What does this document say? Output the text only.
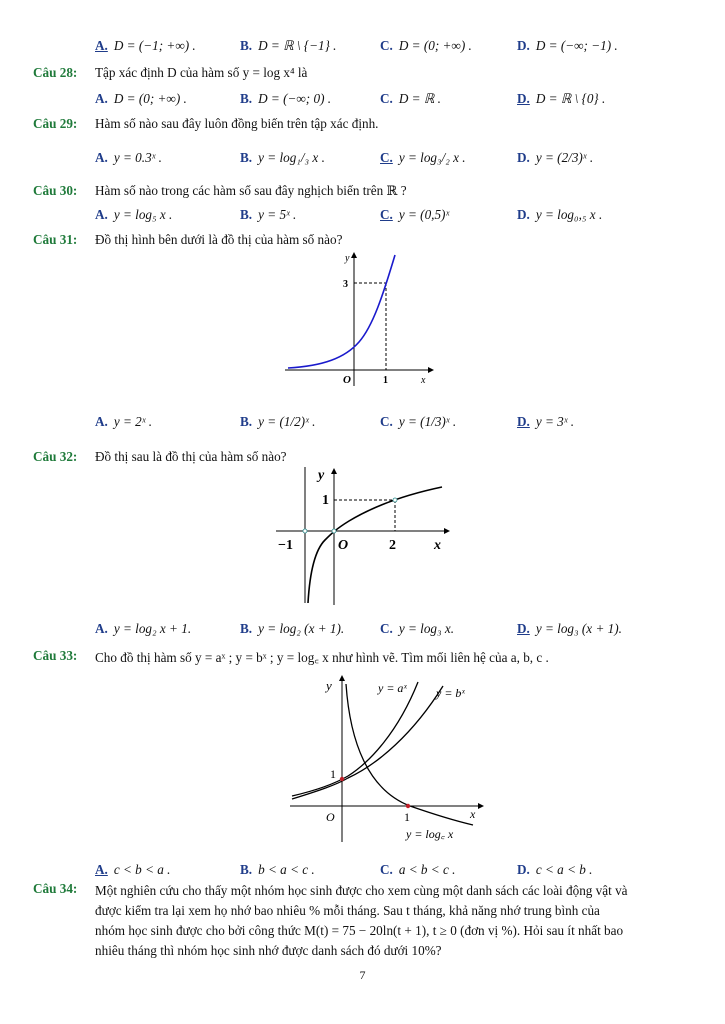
A. D = (−1; +∞) .	B. D = ℝ \ {−1} .	C. D = (0; +∞) .	D. D = (−∞; −1) .
Câu 28: Tập xác định D của hàm số y = log x⁴ là
A. D = (0; +∞) .	B. D = (−∞; 0) .	C. D = ℝ .	D. D = ℝ \ {0} .
Câu 29: Hàm số nào sau đây luôn đồng biến trên tập xác định.
A. y = 0.3ˣ .	B. y = log₁/₃ x .	C. y = log₃/₂ x .	D. y = (2/3)ˣ .
Câu 30: Hàm số nào trong các hàm số sau đây nghịch biến trên ℝ ?
A. y = log₅ x .	B. y = 5ˣ .	C. y = (0,5)ˣ	D. y = log₀,₅ x .
Câu 31: Đồ thị hình bên dưới là đồ thị của hàm số nào?
y
3
O	1	x
A. y = 2ˣ .	B. y = (1/2)ˣ .	C. y = (1/3)ˣ .	D. y = 3ˣ .
Câu 32: Đồ thị sau là đồ thị của hàm số nào?
y
1
−1	O	2	x
A. y = log₂ x + 1.	B. y = log₂ (x + 1).	C. y = log₃ x.	D. y = log₃ (x + 1).
Câu 33: Cho đồ thị hàm số y = aˣ ; y = bˣ ; y = log꜀ x như hình vẽ. Tìm mối liên hệ của a, b, c .
y	y = aˣ y = bˣ
1
O	1	x
y = log꜀ x
A. c < b < a .	B. b < a < c .	C. a < b < c .	D. c < a < b .
Câu 34: Một nghiên cứu cho thấy một nhóm học sinh được cho xem cùng một danh sách các loài động vật và
được kiểm tra lại xem họ nhớ bao nhiêu % mỗi tháng. Sau t tháng, khả năng nhớ trung bình của
nhóm học sinh được cho bởi công thức M(t) = 75 − 20ln(t + 1), t ≥ 0 (đơn vị %). Hỏi sau ít nhất bao
nhiêu tháng thì nhóm học sinh nhớ được danh sách đó dưới 10%?
7
